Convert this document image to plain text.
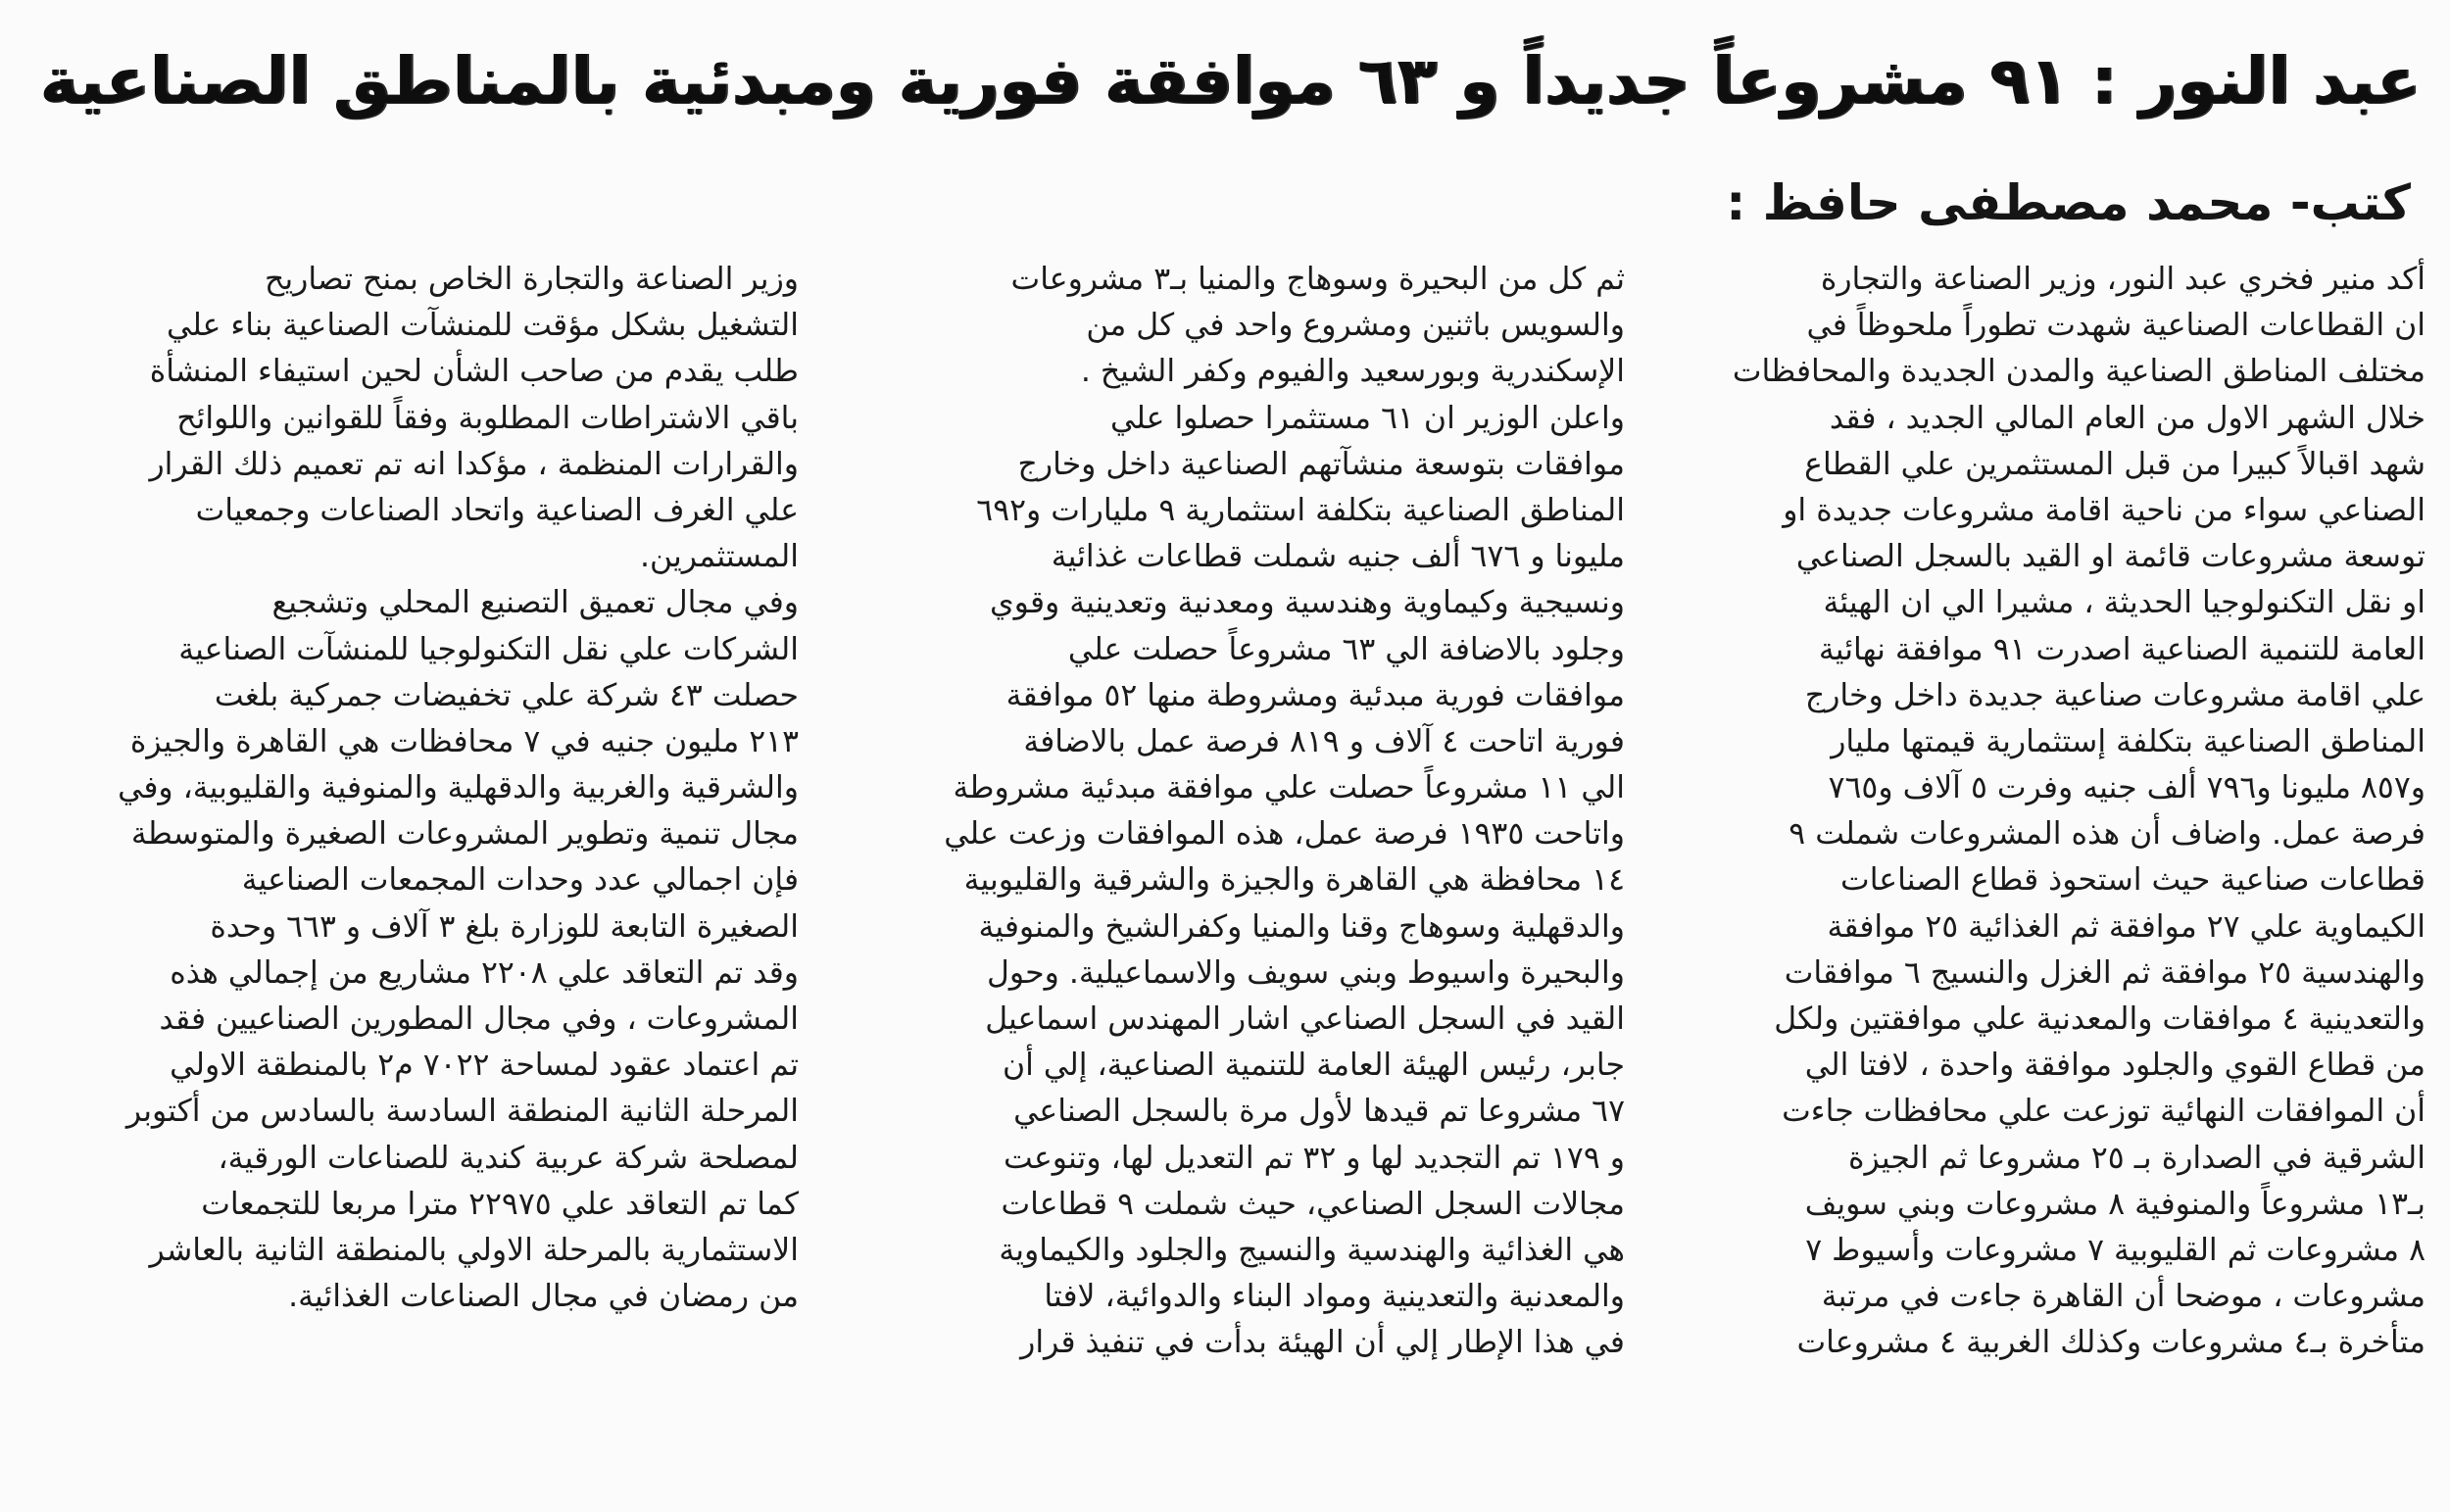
عبد النور : ٩١ مشروعاً جديداً و ٦٣ موافقة فورية ومبدئية بالمناطق الصناعية
كتب- محمد مصطفى حافظ :
أكد منير فخري عبد النور، وزير الصناعة والتجارة
ان القطاعات الصناعية شهدت تطوراً ملحوظاً في
مختلف المناطق الصناعية والمدن الجديدة والمحافظات
خلال الشهر الاول من العام المالي الجديد ، فقد
شهد اقبالاً كبيرا من قبل المستثمرين علي القطاع
الصناعي سواء من ناحية اقامة مشروعات جديدة او
توسعة مشروعات قائمة او القيد بالسجل الصناعي
او نقل التكنولوجيا الحديثة ، مشيرا الي ان الهيئة
العامة للتنمية الصناعية اصدرت ٩١ موافقة نهائية
علي اقامة مشروعات صناعية جديدة داخل وخارج
المناطق الصناعية بتكلفة إستثمارية قيمتها مليار
و٨٥٧ مليونا و٧٩٦ ألف جنيه وفرت ٥ آلاف و٧٦٥
فرصة عمل. واضاف أن هذه المشروعات شملت ٩
قطاعات صناعية حيث استحوذ قطاع الصناعات
الكيماوية علي ٢٧ موافقة ثم الغذائية ٢٥ موافقة
والهندسية ٢٥ موافقة ثم الغزل والنسيج ٦ موافقات
والتعدينية ٤ موافقات والمعدنية علي موافقتين ولكل
من قطاع القوي والجلود موافقة واحدة ، لافتا الي
أن الموافقات النهائية توزعت علي محافظات جاءت
الشرقية في الصدارة بـ ٢٥ مشروعا ثم الجيزة
بـ١٣ مشروعاً والمنوفية ٨ مشروعات وبني سويف
٨ مشروعات ثم القليوبية ٧ مشروعات وأسيوط ٧
مشروعات ، موضحا أن القاهرة جاءت في مرتبة
متأخرة بـ٤ مشروعات وكذلك الغربية ٤ مشروعات
ثم كل من البحيرة وسوهاج والمنيا بـ٣ مشروعات
والسويس باثنين ومشروع واحد في كل من
الإسكندرية وبورسعيد والفيوم وكفر الشيخ .
واعلن الوزير ان ٦١ مستثمرا حصلوا علي
موافقات بتوسعة منشآتهم الصناعية داخل وخارج
المناطق الصناعية بتكلفة استثمارية ٩ مليارات و٦٩٢
مليونا و ٦٧٦ ألف جنيه شملت قطاعات غذائية
ونسيجية وكيماوية وهندسية ومعدنية وتعدينية وقوي
وجلود بالاضافة الي ٦٣ مشروعاً حصلت علي
موافقات فورية مبدئية ومشروطة منها ٥٢ موافقة
فورية اتاحت ٤ آلاف و ٨١٩ فرصة عمل بالاضافة
الي ١١ مشروعاً حصلت علي موافقة مبدئية مشروطة
واتاحت ١٩٣٥ فرصة عمل، هذه الموافقات وزعت علي
١٤ محافظة هي القاهرة والجيزة والشرقية والقليوبية
والدقهلية وسوهاج وقنا والمنيا وكفرالشيخ والمنوفية
والبحيرة واسيوط وبني سويف والاسماعيلية. وحول
القيد في السجل الصناعي اشار المهندس اسماعيل
جابر، رئيس الهيئة العامة للتنمية الصناعية، إلي أن
٦٧ مشروعا تم قيدها لأول مرة بالسجل الصناعي
و ١٧٩ تم التجديد لها و ٣٢ تم التعديل لها، وتنوعت
مجالات السجل الصناعي، حيث شملت ٩ قطاعات
هي الغذائية والهندسية والنسيج والجلود والكيماوية
والمعدنية والتعدينية ومواد البناء والدوائية، لافتا
في هذا الإطار إلي أن الهيئة بدأت في تنفيذ قرار
وزير الصناعة والتجارة الخاص بمنح تصاريح
التشغيل بشكل مؤقت للمنشآت الصناعية بناء علي
طلب يقدم من صاحب الشأن لحين استيفاء المنشأة
باقي الاشتراطات المطلوبة وفقاً للقوانين واللوائح
والقرارات المنظمة ، مؤكدا انه تم تعميم ذلك القرار
علي الغرف الصناعية واتحاد الصناعات وجمعيات
المستثمرين.
وفي مجال تعميق التصنيع المحلي وتشجيع
الشركات علي نقل التكنولوجيا للمنشآت الصناعية
حصلت ٤٣ شركة علي تخفيضات جمركية بلغت
٢١٣ مليون جنيه في ٧ محافظات هي القاهرة والجيزة
والشرقية والغربية والدقهلية والمنوفية والقليوبية، وفي
مجال تنمية وتطوير المشروعات الصغيرة والمتوسطة
فإن اجمالي عدد وحدات المجمعات الصناعية
الصغيرة التابعة للوزارة بلغ ٣ آلاف و ٦٦٣ وحدة
وقد تم التعاقد علي ٢٢٠٨ مشاريع من إجمالي هذه
المشروعات ، وفي مجال المطورين الصناعيين فقد
تم اعتماد عقود لمساحة ٧٠٢٢ م٢ بالمنطقة الاولي
المرحلة الثانية المنطقة السادسة بالسادس من أكتوبر
لمصلحة شركة عربية كندية للصناعات الورقية،
كما تم التعاقد علي ٢٢٩٧٥ مترا مربعا للتجمعات
الاستثمارية بالمرحلة الاولي بالمنطقة الثانية بالعاشر
من رمضان في مجال الصناعات الغذائية.
